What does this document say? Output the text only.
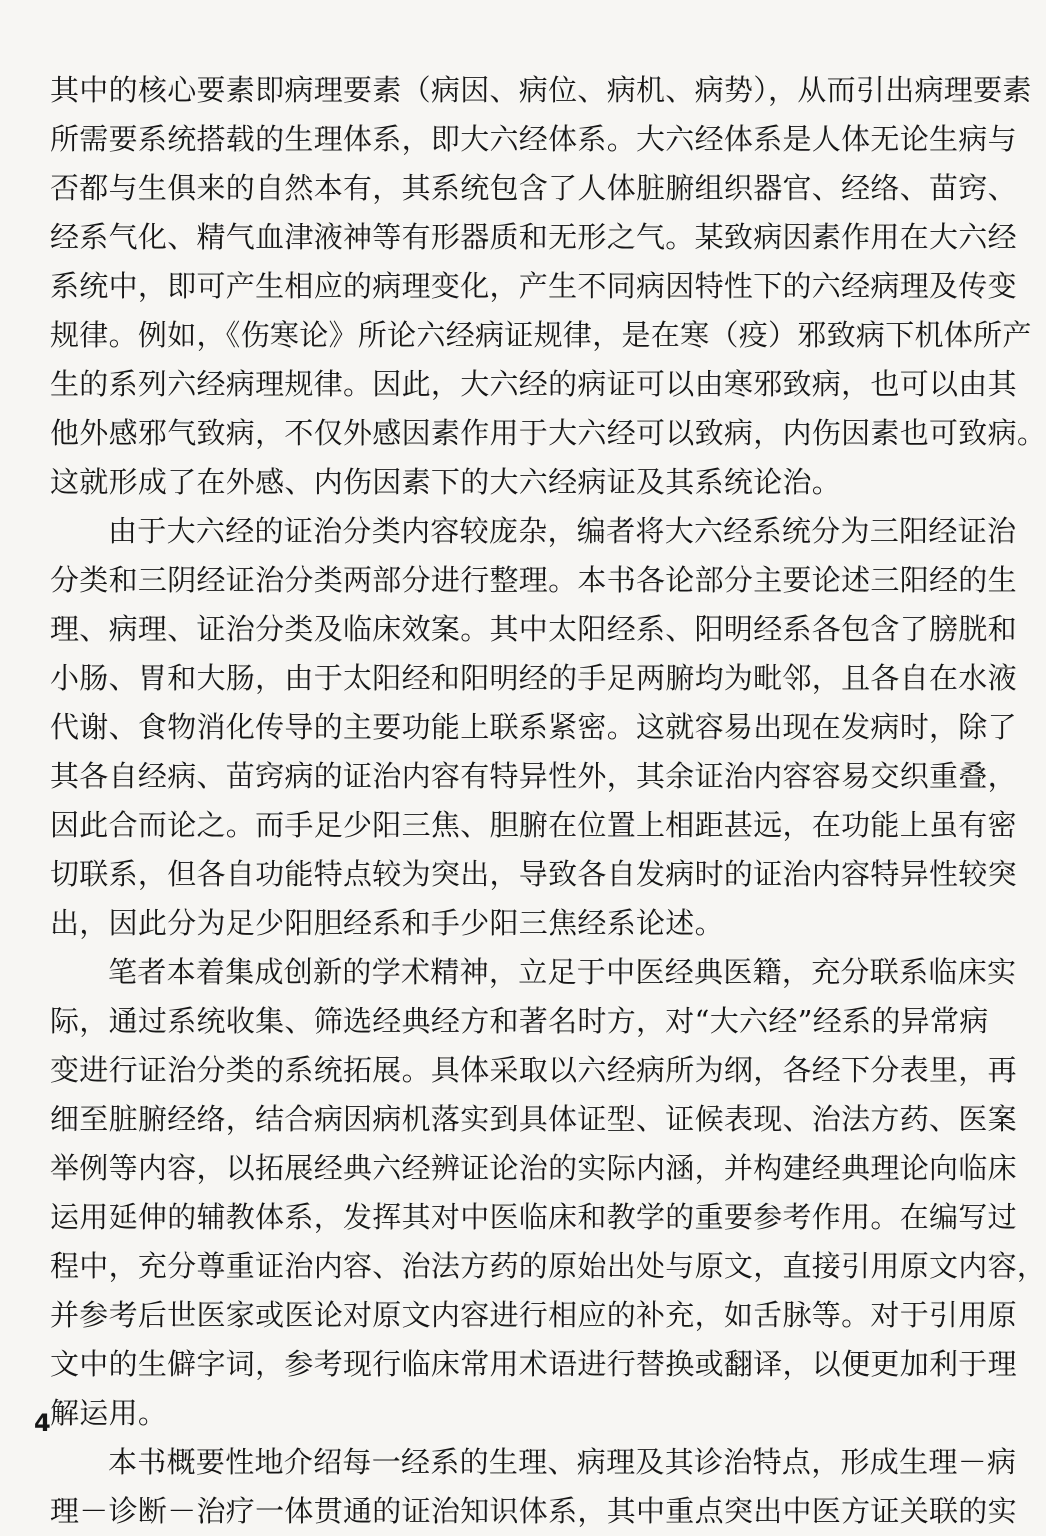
其中的核心要素即病理要素（病因、病位、病机、病势），从而引出病理要素
所需要系统搭载的生理体系，即大六经体系。大六经体系是人体无论生病与
否都与生俱来的自然本有，其系统包含了人体脏腑组织器官、经络、苗窍、
经系气化、精气血津液神等有形器质和无形之气。某致病因素作用在大六经
系统中，即可产生相应的病理变化，产生不同病因特性下的六经病理及传变
规律。例如，《伤寒论》所论六经病证规律，是在寒（疫）邪致病下机体所产
生的系列六经病理规律。因此，大六经的病证可以由寒邪致病，也可以由其
他外感邪气致病，不仅外感因素作用于大六经可以致病，内伤因素也可致病。
这就形成了在外感、内伤因素下的大六经病证及其系统论治。
由于大六经的证治分类内容较庞杂，编者将大六经系统分为三阳经证治
分类和三阴经证治分类两部分进行整理。本书各论部分主要论述三阳经的生
理、病理、证治分类及临床效案。其中太阳经系、阳明经系各包含了膀胱和
小肠、胃和大肠，由于太阳经和阳明经的手足两腑均为毗邻，且各自在水液
代谢、食物消化传导的主要功能上联系紧密。这就容易出现在发病时，除了
其各自经病、苗窍病的证治内容有特异性外，其余证治内容容易交织重叠，
因此合而论之。而手足少阳三焦、胆腑在位置上相距甚远，在功能上虽有密
切联系，但各自功能特点较为突出，导致各自发病时的证治内容特异性较突
出，因此分为足少阳胆经系和手少阳三焦经系论述。
笔者本着集成创新的学术精神，立足于中医经典医籍，充分联系临床实
际，通过系统收集、筛选经典经方和著名时方，对“大六经”经系的异常病
变进行证治分类的系统拓展。具体采取以六经病所为纲，各经下分表里，再
细至脏腑经络，结合病因病机落实到具体证型、证候表现、治法方药、医案
举例等内容，以拓展经典六经辨证论治的实际内涵，并构建经典理论向临床
运用延伸的辅教体系，发挥其对中医临床和教学的重要参考作用。在编写过
程中，充分尊重证治内容、治法方药的原始出处与原文，直接引用原文内容，
并参考后世医家或医论对原文内容进行相应的补充，如舌脉等。对于引用原
文中的生僻字词，参考现行临床常用术语进行替换或翻译，以便更加利于理
解运用。
本书概要性地介绍每一经系的生理、病理及其诊治特点，形成生理－病
理－诊断－治疗一体贯通的证治知识体系，其中重点突出中医方证关联的实
4
